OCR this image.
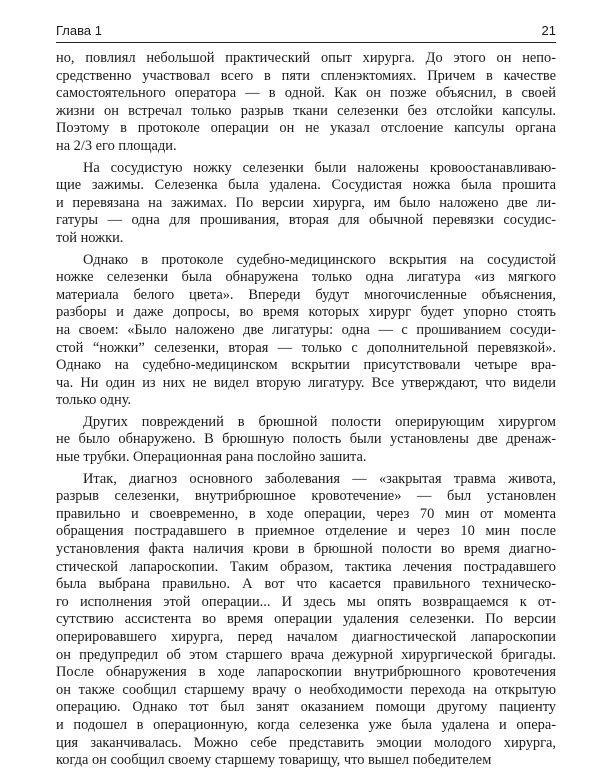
Глава 1	21
но, повлиял небольшой практический опыт хирурга. До этого он непо-
средственно участвовал всего в пяти спленэктомиях. Причем в качестве
самостоятельного оператора — в одной. Как он позже объяснил, в своей
жизни он встречал только разрыв ткани селезенки без отслойки капсулы.
Поэтому в протоколе операции он не указал отслоение капсулы органа
на 2/3 его площади.
На сосудистую ножку селезенки были наложены кровоостанавливаю-
щие зажимы. Селезенка была удалена. Сосудистая ножка была прошита
и перевязана на зажимах. По версии хирурга, им было наложено две ли-
гатуры — одна для прошивания, вторая для обычной перевязки сосудис-
той ножки.
Однако в протоколе судебно-медицинского вскрытия на сосудистой
ножке селезенки была обнаружена только одна лигатура «из мягкого
материала белого цвета». Впереди будут многочисленные объяснения,
разборы и даже допросы, во время которых хирург будет упорно стоять
на своем: «Было наложено две лигатуры: одна — с прошиванием сосуди-
стой “ножки” селезенки, вторая — только с дополнительной перевязкой».
Однако на судебно-медицинском вскрытии присутствовали четыре вра-
ча. Ни один из них не видел вторую лигатуру. Все утверждают, что видели
только одну.
Других повреждений в брюшной полости оперирующим хирургом
не было обнаружено. В брюшную полость были установлены две дренаж-
ные трубки. Операционная рана послойно зашита.
Итак, диагноз основного заболевания — «закрытая травма живота,
разрыв селезенки, внутрибрюшное кровотечение» — был установлен
правильно и своевременно, в ходе операции, через 70 мин от момента
обращения пострадавшего в приемное отделение и через 10 мин после
установления факта наличия крови в брюшной полости во время диагно-
стической лапароскопии. Таким образом, тактика лечения пострадавшего
была выбрана правильно. А вот что касается правильного техническо-
го исполнения этой операции... И здесь мы опять возвращаемся к от-
сутствию ассистента во время операции удаления селезенки. По версии
оперировавшего хирурга, перед началом диагностической лапароскопии
он предупредил об этом старшего врача дежурной хирургической бригады.
После обнаружения в ходе лапароскопии внутрибрюшного кровотечения
он также сообщил старшему врачу о необходимости перехода на открытую
операцию. Однако тот был занят оказанием помощи другому пациенту
и подошел в операционную, когда селезенка уже была удалена и опера-
ция заканчивалась. Можно себе представить эмоции молодого хирурга,
когда он сообщил своему старшему товарищу, что вышел победителем
